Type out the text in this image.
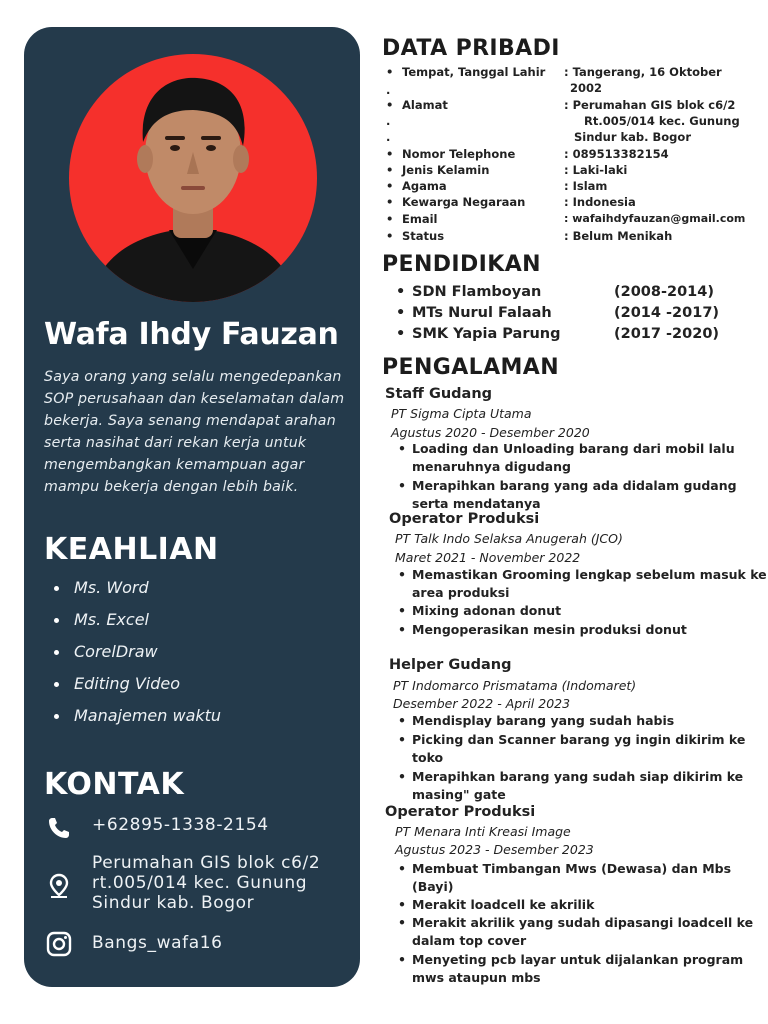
Wafa Ihdy Fauzan
Saya orang yang selalu mengedepankan SOP perusahaan dan keselamatan dalam bekerja. Saya senang mendapat arahan serta nasihat dari rekan kerja untuk mengembangkan kemampuan agar mampu bekerja dengan lebih baik.
KEAHLIAN
Ms. Word
Ms. Excel
CorelDraw
Editing Video
Manajemen waktu
KONTAK
+62895-1338-2154
Perumahan GIS blok c6/2
rt.005/014 kec. Gunung
Sindur kab. Bogor
Bangs_wafa16
DATA PRIBADI
• Tempat, Tanggal Lahir	: Tangerang, 16 Oktober
2002
.
• Alamat	: Perumahan GIS blok c6/2
.	Rt.005/014 kec. Gunung
.	Sindur kab. Bogor
• Nomor Telephone	: 089513382154
• Jenis Kelamin	: Laki-laki
• Agama	: Islam
• Kewarga Negaraan	: Indonesia
• Email	: wafaihdyfauzan@gmail.com
• Status	: Belum Menikah
PENDIDIKAN
• SDN Flamboyan	(2008-2014)
• MTs Nurul Falaah	(2014 -2017)
• SMK Yapia Parung	(2017 -2020)
PENGALAMAN
Staff Gudang
PT Sigma Cipta Utama
Agustus 2020 - Desember 2020
• Loading dan Unloading barang dari mobil lalu menaruhnya digudang
• Merapihkan barang yang ada didalam gudang serta mendatanya
Operator Produksi
PT Talk Indo Selaksa Anugerah (JCO)
Maret 2021 - November 2022
• Memastikan Grooming lengkap sebelum masuk ke area produksi
• Mixing adonan donut
• Mengoperasikan mesin produksi donut
Helper Gudang
PT Indomarco Prismatama (Indomaret)
Desember 2022 - April 2023
• Mendisplay barang yang sudah habis
• Picking dan Scanner barang yg ingin dikirim ke toko
• Merapihkan barang yang sudah siap dikirim ke masing" gate
Operator Produksi
PT Menara Inti Kreasi Image
Agustus 2023 - Desember 2023
• Membuat Timbangan Mws (Dewasa) dan Mbs (Bayi)
• Merakit loadcell ke akrilik
• Merakit akrilik yang sudah dipasangi loadcell ke dalam top cover
• Menyeting pcb layar untuk dijalankan program mws ataupun mbs
